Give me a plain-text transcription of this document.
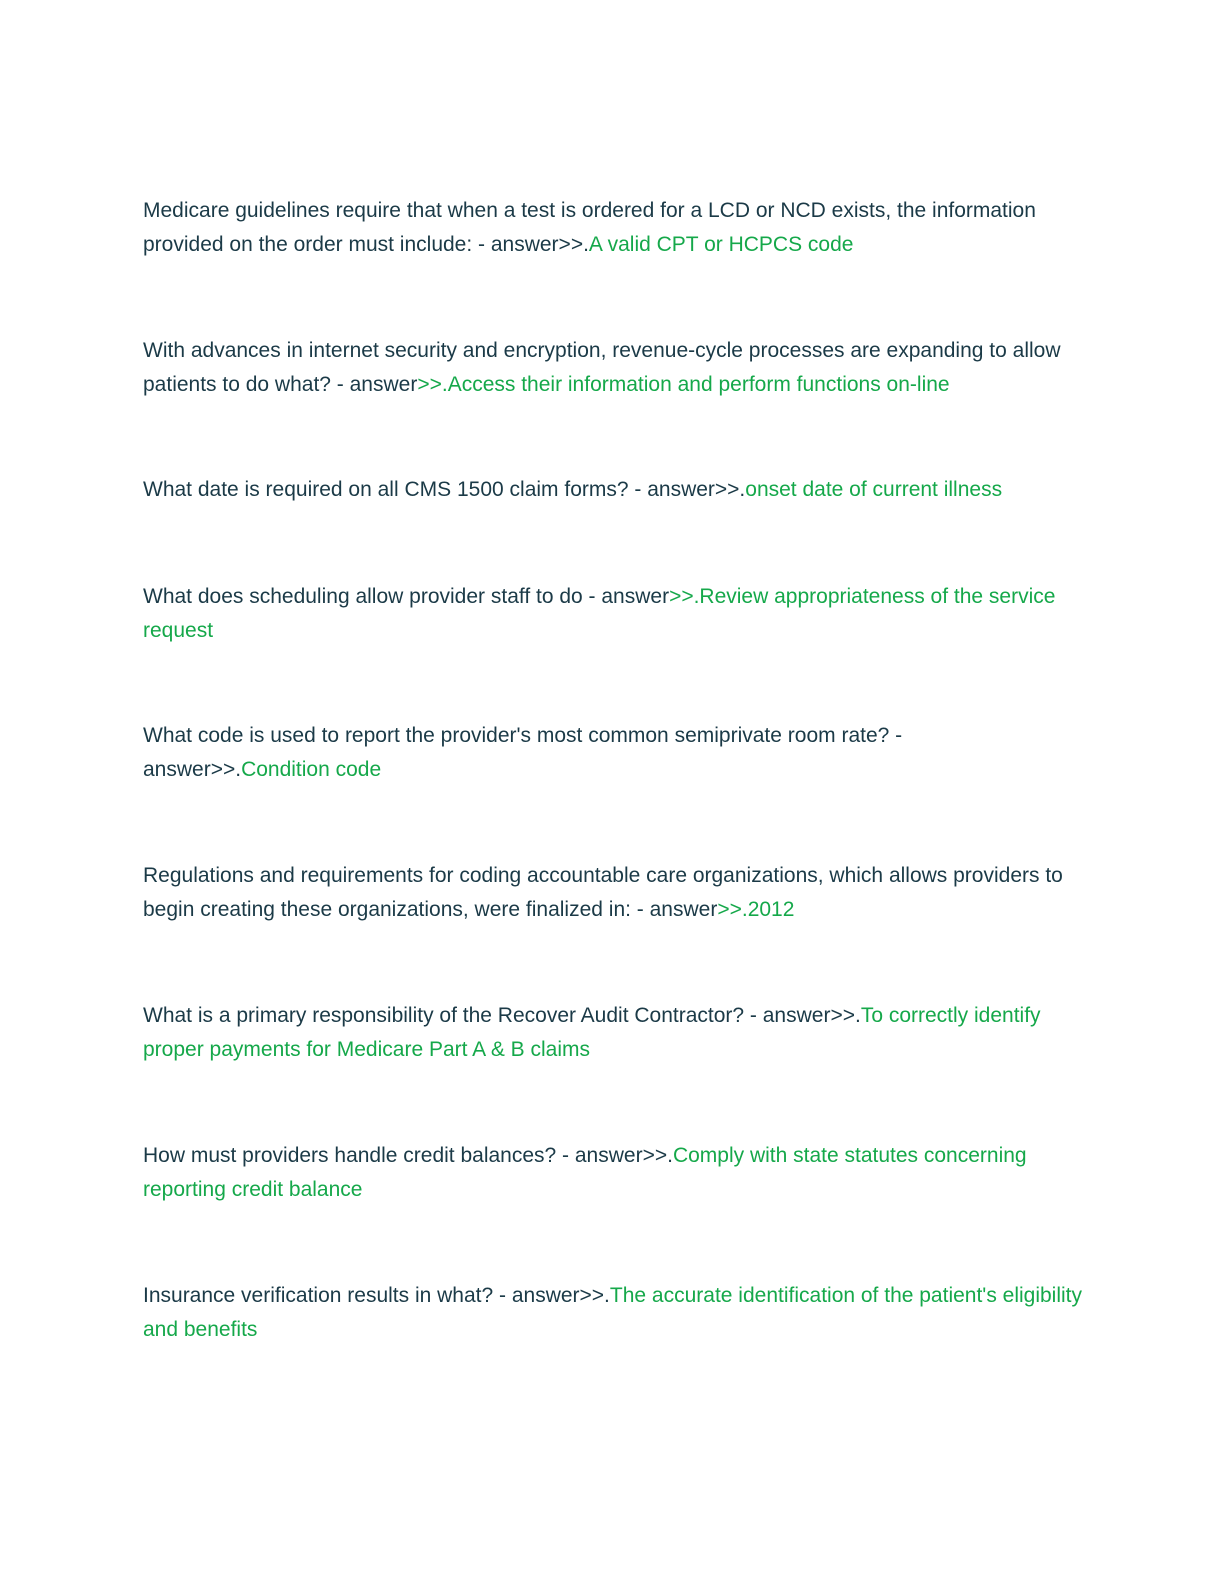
Medicare guidelines require that when a test is ordered for a LCD or NCD exists, the information provided on the order must include: - answer>>.A valid CPT or HCPCS code

With advances in internet security and encryption, revenue-cycle processes are expanding to allow patients to do what? - answer>>.Access their information and perform functions on-line

What date is required on all CMS 1500 claim forms? - answer>>.onset date of current illness

What does scheduling allow provider staff to do - answer>>.Review appropriateness of the service request

What code is used to report the provider's most common semiprivate room rate? - answer>>.Condition code

Regulations and requirements for coding accountable care organizations, which allows providers to begin creating these organizations, were finalized in: - answer>>.2012

What is a primary responsibility of the Recover Audit Contractor? - answer>>.To correctly identify proper payments for Medicare Part A & B claims

How must providers handle credit balances? - answer>>.Comply with state statutes concerning reporting credit balance

Insurance verification results in what? - answer>>.The accurate identification of the patient's eligibility and benefits
